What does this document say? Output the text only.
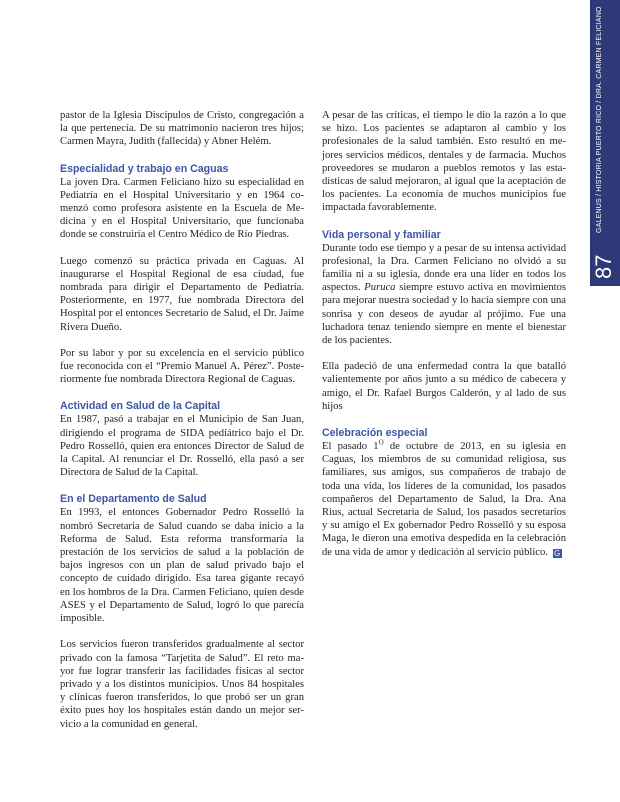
GALENUS / HISTORIA PUERTO RICO / DRA. CARMEN FELICIANO
87

pastor de la Iglesia Discípulos de Cristo, congregación a la que pertenecía. De su matrimonio nacieron tres hijos; Carmen Mayra, Judith (fallecida) y Abner Helém.

Especialidad y trabajo en Caguas

La joven Dra. Carmen Feliciano hizo su especialidad en Pediatría en el Hospital Universitario y en 1964 co-menzó como profesora asistente en la Escuela de Me-dicina y en el Hospital Universitario, que funcionaba donde se construiría el Centro Médico de Río Piedras.

Luego comenzó su práctica privada en Caguas. Al inaugurarse el Hospital Regional de esa ciudad, fue nombrada para dirigir el Departamento de Pediatría. Posteriormente, en 1977, fue nombrada Directora del Hospital por el entonces Secretario de Salud, el Dr. Jaime Rivera Dueño.

Por su labor y por su excelencia en el servicio público fue reconocida con el “Premio Manuel A. Pérez”. Poste-riormente fue nombrada Directora Regional de Caguas.

Actividad en Salud de la Capital

En 1987, pasó a trabajar en el Municipio de San Juan, dirigiendo el programa de SIDA pediátrico bajo el Dr. Pedro Rosselló, quien era entonces Director de Salud de la Capital. Al renunciar el Dr. Rosselló, ella pasó a ser Directora de Salud de la Capital.

En el Departamento de Salud

En 1993, el entonces Gobernador Pedro Rosselló la nombró Secretaria de Salud cuando se daba inicio a la Reforma de Salud. Esta reforma transformaría la prestación de los servicios de salud a la población de bajos ingresos con un plan de salud privado bajo el concepto de cuidado dirigido. Esa tarea gigante recayó en los hombros de la Dra. Carmen Feliciano, quien desde ASES y el Departamento de Salud, logró lo que parecía imposible.

Los servicios fueron transferidos gradualmente al sector privado con la famosa “Tarjetita de Salud”. El reto ma-yor fue lograr transferir las facilidades físicas al sector privado y a los distintos municipios. Unos 84 hospitales y clínicas fueron transferidos, lo que probó ser un gran éxito pues hoy los hospitales están dando un mejor ser-vicio a la comunidad en general.

A pesar de las críticas, el tiempo le dio la razón a lo que se hizo. Los pacientes se adaptaron al cambio y los profesionales de la salud también. Esto resultó en me-jores servicios médicos, dentales y de farmacia. Muchos proveedores se mudaron a pueblos remotos y las esta-dísticas de salud mejoraron, al igual que la aceptación de los pacientes. La economía de muchos municipios fue impactada favorablemente.

Vida personal y familiar

Durante todo ese tiempo y a pesar de su intensa actividad profesional, la Dra. Carmen Feliciano no olvidó a su familia ni a su iglesia, donde era una líder en todos los aspectos. Puruca siempre estuvo activa en movimientos para mejorar nuestra sociedad y lo hacía siempre con una sonrisa y con deseos de ayudar al prójimo. Fue una luchadora tenaz teniendo siempre en mente el bienestar de los pacientes.

Ella padeció de una enfermedad contra la que batalló valientemente por años junto a su médico de cabecera y amigo, el Dr. Rafael Burgos Calderón, y al lado de sus hijos

Celebración especial

El pasado $1^O$ de octubre de 2013, en su iglesia en Caguas, los miembros de su comunidad religiosa, sus familiares, sus amigos, sus compañeros de trabajo de toda una vida, los líderes de la comunidad, los pasados compañeros del Departamento de Salud, la Dra. Ana Rius, actual Secretaria de Salud, los pasados secretarios y su amigo el Ex gobernador Pedro Rosselló y su esposa Maga, le dieron una emotiva despedida en la celebración de una vida de amor y dedicación al servicio público. G
